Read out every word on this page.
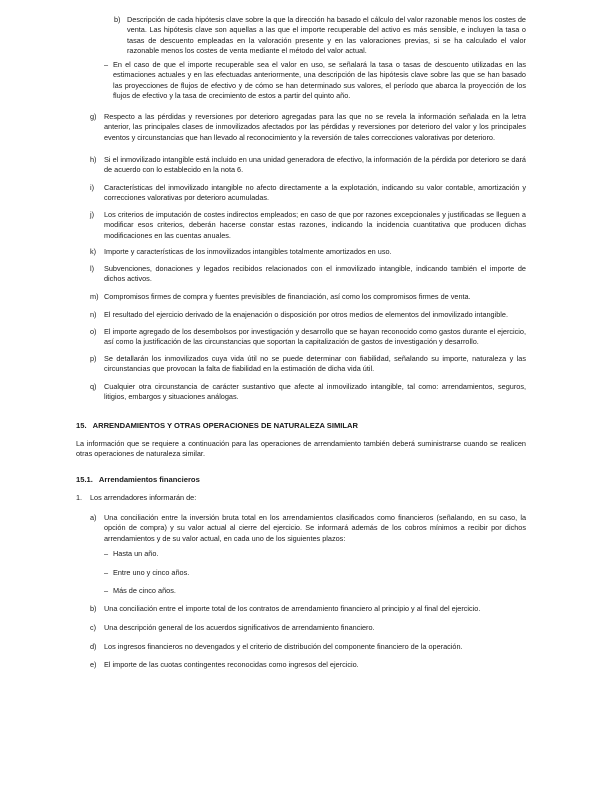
b) Descripción de cada hipótesis clave sobre la que la dirección ha basado el cálculo del valor razonable menos los costes de venta. Las hipótesis clave son aquellas a las que el importe recuperable del activo es más sensible, e incluyen la tasa o tasas de descuento empleadas en la valoración presente y en las valoraciones previas, si se ha calculado el valor razonable menos los costes de venta mediante el método del valor actual.

– En el caso de que el importe recuperable sea el valor en uso, se señalará la tasa o tasas de descuento utilizadas en las estimaciones actuales y en las efectuadas anteriormente, una descripción de las hipótesis clave sobre las que se han basado las proyecciones de flujos de efectivo y de cómo se han determinado sus valores, el período que abarca la proyección de los flujos de efectivo y la tasa de crecimiento de estos a partir del quinto año.

g)	Respecto a las pérdidas y reversiones por deterioro agregadas para las que no se revela la información señalada en la letra anterior, las principales clases de inmovilizados afectados por las pérdidas y reversiones por deterioro del valor y los principales eventos y circunstancias que han llevado al reconocimiento y la reversión de tales correcciones valorativas por deterioro.

h)	Si el inmovilizado intangible está incluido en una unidad generadora de efectivo, la información de la pérdida por deterioro se dará de acuerdo con lo establecido en la nota 6.

i)	Características del inmovilizado intangible no afecto directamente a la explotación, indicando su valor contable, amortización y correcciones valorativas por deterioro acumuladas.

j)	Los criterios de imputación de costes indirectos empleados; en caso de que por razones excepcionales y justificadas se lleguen a modificar esos criterios, deberán hacerse constar estas razones, indicando la incidencia cuantitativa que producen dichas modificaciones en las cuentas anuales.

k)	Importe y características de los inmovilizados intangibles totalmente amortizados en uso.

l)	Subvenciones, donaciones y legados recibidos relacionados con el inmovilizado intangible, indicando también el importe de dichos activos.

m) Compromisos firmes de compra y fuentes previsibles de financiación, así como los compromisos firmes de venta.

n)	El resultado del ejercicio derivado de la enajenación o disposición por otros medios de elementos del inmovilizado intangible.

o)	El importe agregado de los desembolsos por investigación y desarrollo que se hayan reconocido como gastos durante el ejercicio, así como la justificación de las circunstancias que soportan la capitalización de gastos de investigación y desarrollo.

p)	Se detallarán los inmovilizados cuya vida útil no se puede determinar con fiabilidad, señalando su importe, naturaleza y las circunstancias que provocan la falta de fiabilidad en la estimación de dicha vida útil.

q)	Cualquier otra circunstancia de carácter sustantivo que afecte al inmovilizado intangible, tal como: arrendamientos, seguros, litigios, embargos y situaciones análogas.

15.   ARRENDAMIENTOS Y OTRAS OPERACIONES DE NATURALEZA SIMILAR

La información que se requiere a continuación para las operaciones de arrendamiento también deberá suministrarse cuando se realicen otras operaciones de naturaleza similar.

15.1.   Arrendamientos financieros

1.	Los arrendadores informarán de:

a)	Una conciliación entre la inversión bruta total en los arrendamientos clasificados como financieros (señalando, en su caso, la opción de compra) y su valor actual al cierre del ejercicio. Se informará además de los cobros mínimos a recibir por dichos arrendamientos y de su valor actual, en cada uno de los siguientes plazos:

– Hasta un año.

– Entre uno y cinco años.

– Más de cinco años.

b)	Una conciliación entre el importe total de los contratos de arrendamiento financiero al principio y al final del ejercicio.

c)	Una descripción general de los acuerdos significativos de arrendamiento financiero.

d)	Los ingresos financieros no devengados y el criterio de distribución del componente financiero de la operación.

e)	El importe de las cuotas contingentes reconocidas como ingresos del ejercicio.
